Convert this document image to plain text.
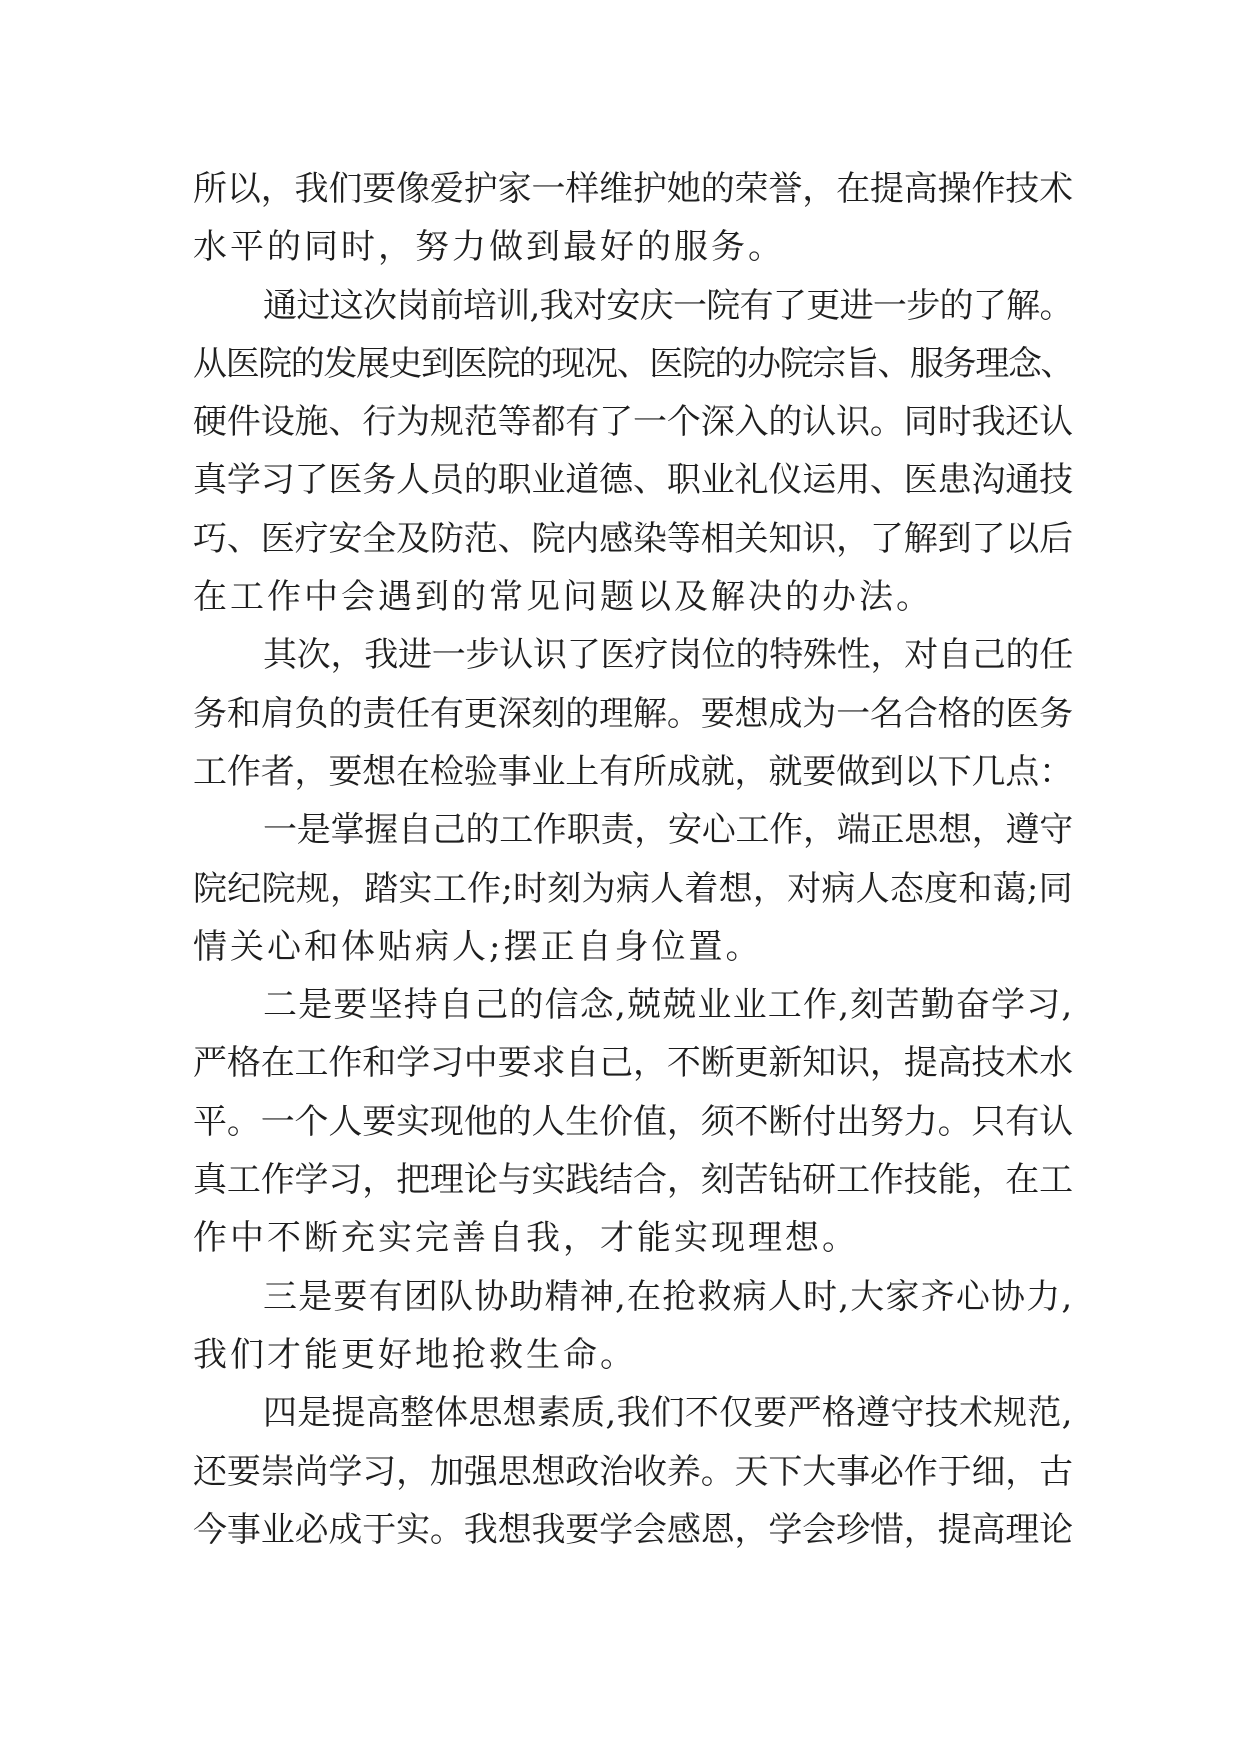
所以，我们要像爱护家一样维护她的荣誉，在提高操作技术
水平的同时，努力做到最好的服务。
通过这次岗前培训,我对安庆一院有了更进一步的了解。
从医院的发展史到医院的现况、医院的办院宗旨、服务理念、
硬件设施、行为规范等都有了一个深入的认识。同时我还认
真学习了医务人员的职业道德、职业礼仪运用、医患沟通技
巧、医疗安全及防范、院内感染等相关知识，了解到了以后
在工作中会遇到的常见问题以及解决的办法。
其次，我进一步认识了医疗岗位的特殊性，对自己的任
务和肩负的责任有更深刻的理解。要想成为一名合格的医务
工作者，要想在检验事业上有所成就，就要做到以下几点：
一是掌握自己的工作职责，安心工作，端正思想，遵守
院纪院规，踏实工作;时刻为病人着想，对病人态度和蔼;同
情关心和体贴病人;摆正自身位置。
二是要坚持自己的信念,兢兢业业工作,刻苦勤奋学习,
严格在工作和学习中要求自己，不断更新知识，提高技术水
平。一个人要实现他的人生价值，须不断付出努力。只有认
真工作学习，把理论与实践结合，刻苦钻研工作技能，在工
作中不断充实完善自我，才能实现理想。
三是要有团队协助精神,在抢救病人时,大家齐心协力,
我们才能更好地抢救生命。
四是提高整体思想素质,我们不仅要严格遵守技术规范,
还要崇尚学习，加强思想政治收养。天下大事必作于细，古
今事业必成于实。我想我要学会感恩，学会珍惜，提高理论
